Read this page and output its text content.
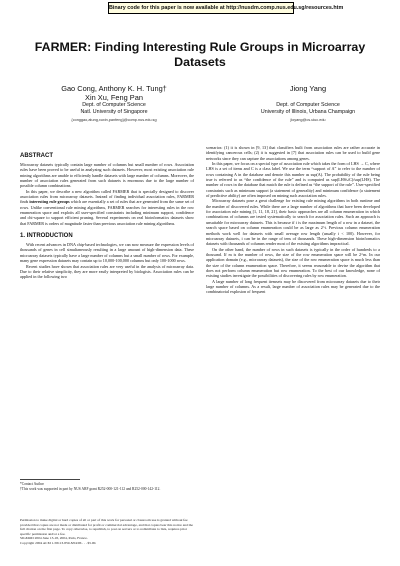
Binary code for this paper is now available at http://nusdm.comp.nus.edu.sg/resources.htm
FARMER: Finding Interesting Rule Groups in Microarray
Datasets
Gao Cong, Anthony K. H. Tung†
Xin Xu, Feng Pan
Dept. of Computer Science
Natl. University of Singapore
{conggao,atung,xuxin,panfeng}@comp.nus.edu.sg
Jiong Yang
Dept. of Computer Science
University of Illinois, Urbana Champaign
jioyang@cs.uiuc.edu
ABSTRACT

Microarray datasets typically contain large number of columns but small number of rows. Association rules have been proved to be useful in analyzing such datasets. However, most existing association rule mining algorithms are unable to efficiently handle datasets with large number of columns. Moreover, the number of association rules generated from such datasets is enormous due to the large number of possible column combinations.

In this paper, we describe a new algorithm called FARMER that is specially designed to discover association rules from microarray datasets. Instead of finding individual association rules, FARMER finds interesting rule groups which are essentially a set of rules that are generated from the same set of rows. Unlike conventional rule mining algorithms, FARMER searches for interesting rules in the row enumeration space and exploits all user-specified constraints including minimum support, confidence and chi-square to support efficient pruning. Several experiments on real bioinformatics datasets show that FARMER is orders of magnitude faster than previous association rule mining algorithms.

1. INTRODUCTION

With recent advances in DNA chip-based technologies, we can now measure the expression levels of thousands of genes in cell simultaneously resulting in a large amount of high-dimension data. These microarray datasets typically have a large number of columns but a small number of rows. For example, many gene expression datasets may contain up to 10,000-100,000 columns but only 100-1000 rows.

Recent studies have shown that association rules are very useful in the analysis of microarray data. Due to their relative simplicity, they are more easily interpreted by biologists. Association rules can be applied in the following two

*Contact Author
†This work was supported in part by NUS ARF grant R252-000-121-112 and R252-000-142-112.
Permission to make digital or hard copies of all or part of this work for personal or classroom use is granted without fee provided that copies are not made or distributed for profit or commercial advantage, and that copies bear this notice and the full citation on the first page. To copy otherwise, to republish, to post on servers or to redistribute to lists, requires prior specific permission and/or a fee.
SIGMOD 2004 June 13-18, 2004, Paris, France.
Copyright 2004 ACM 1-58113-859-8/04/06 . . . $5.00.

scenarios: (1) it is shown in [9, 13] that classifiers built from association rules are rather accurate in identifying cancerous cells; (2) it is suggested in [7] that association rules can be used to build gene networks since they can capture the associations among genes.

In this paper, we focus on a special type of association rule which takes the form of LHS → C, where LHS is a set of items and C is a class label. We use the term “support of A” to refer to the number of rows containing A in the database and denote this number as sup(A). The probability of the rule being true is referred to as “the confidence of the rule” and is computed as sup(LHS∪C)/sup(LHS). The number of rows in the database that match the rule is defined as “the support of the rule”. User-specified constraints such as minimum support (a statement of generality) and minimum confidence (a statement of predictive ability) are often imposed on mining such association rules.

Microarray datasets pose a great challenge for existing rule mining algorithms in both runtime and the number of discovered rules. While there are a large number of algorithms that have been developed for association rule mining [1, 11, 18, 21], their basic approaches are all column enumeration in which combinations of columns are tested systematically to search for association rules. Such an approach is unsuitable for microarray datasets. This is because if i is the maximum length of a row in a dataset, the search space based on column enumeration could be as large as 2^i. Previous column enumeration methods work well for datasets with small average row length (usually i < 100). However, for microarray datasets, i can be in the range of tens of thousands. These high-dimension bioinformatics datasets with thousands of columns render most of the existing algorithms impractical.

On the other hand, the number of rows in such datasets is typically in the order of hundreds to a thousand. If m is the number of rows, the size of the row enumeration space will be 2^m. In our application domain (e.g., microarray datasets), the size of the row enumeration space is much less than the size of the column enumeration space. Therefore, it seems reasonable to devise the algorithm that does not perform column enumeration but row enumeration. To the best of our knowledge, none of existing studies investigate the possibilities of discovering rules by row enumeration.

A large number of long frequent itemsets may be discovered from microarray datasets due to their large number of columns. As a result, large number of association rules may be generated due to the combinatorial explosion of frequent
